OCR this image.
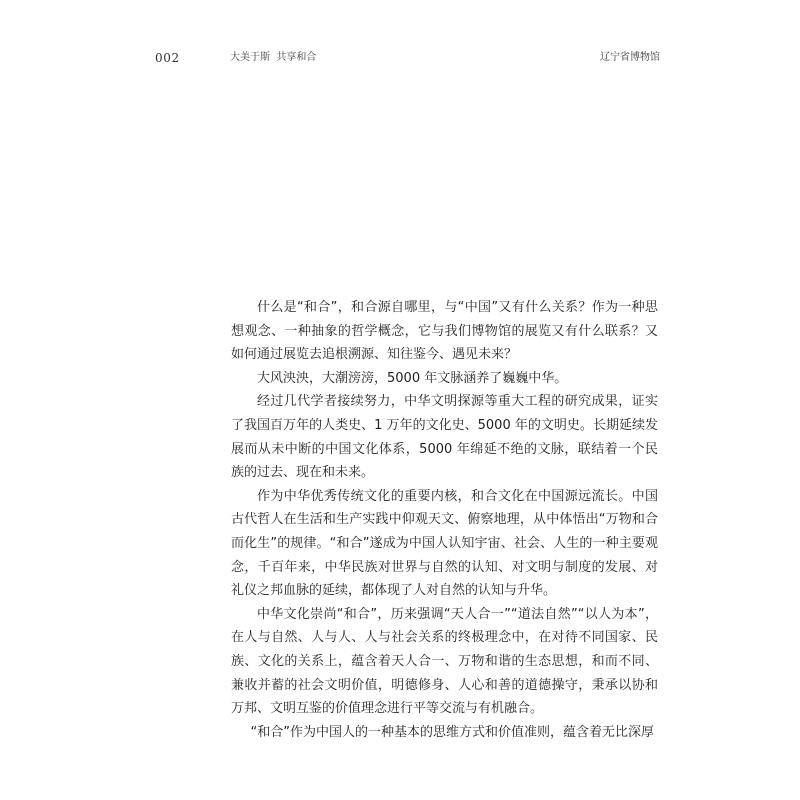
002	大美于斯  共享和合	辽宁省博物馆

什么是“和合”，和合源自哪里，与“中国”又有什么关系？作为一种思想观念、一种抽象的哲学概念，它与我们博物馆的展览又有什么联系？又如何通过展览去追根溯源、知往鉴今、遇见未来？

大风泱泱，大潮滂滂，5000 年文脉涵养了巍巍中华。

经过几代学者接续努力，中华文明探源等重大工程的研究成果，证实了我国百万年的人类史、1 万年的文化史、5000 年的文明史。长期延续发展而从未中断的中国文化体系，5000 年绵延不绝的文脉，联结着一个民族的过去、现在和未来。

作为中华优秀传统文化的重要内核，和合文化在中国源远流长。中国古代哲人在生活和生产实践中仰观天文、俯察地理，从中体悟出“万物和合而化生”的规律。“和合”遂成为中国人认知宇宙、社会、人生的一种主要观念，千百年来，中华民族对世界与自然的认知、对文明与制度的发展、对礼仪之邦血脉的延续，都体现了人对自然的认知与升华。

中华文化崇尚“和合”，历来强调“天人合一”“道法自然”“以人为本”，在人与自然、人与人、人与社会关系的终极理念中，在对待不同国家、民族、文化的关系上，蕴含着天人合一、万物和谐的生态思想，和而不同、兼收并蓄的社会文明价值，明德修身、人心和善的道德操守，秉承以协和万邦、文明互鉴的价值理念进行平等交流与有机融合。

“和合”作为中国人的一种基本的思维方式和价值准则，蕴含着无比深厚
